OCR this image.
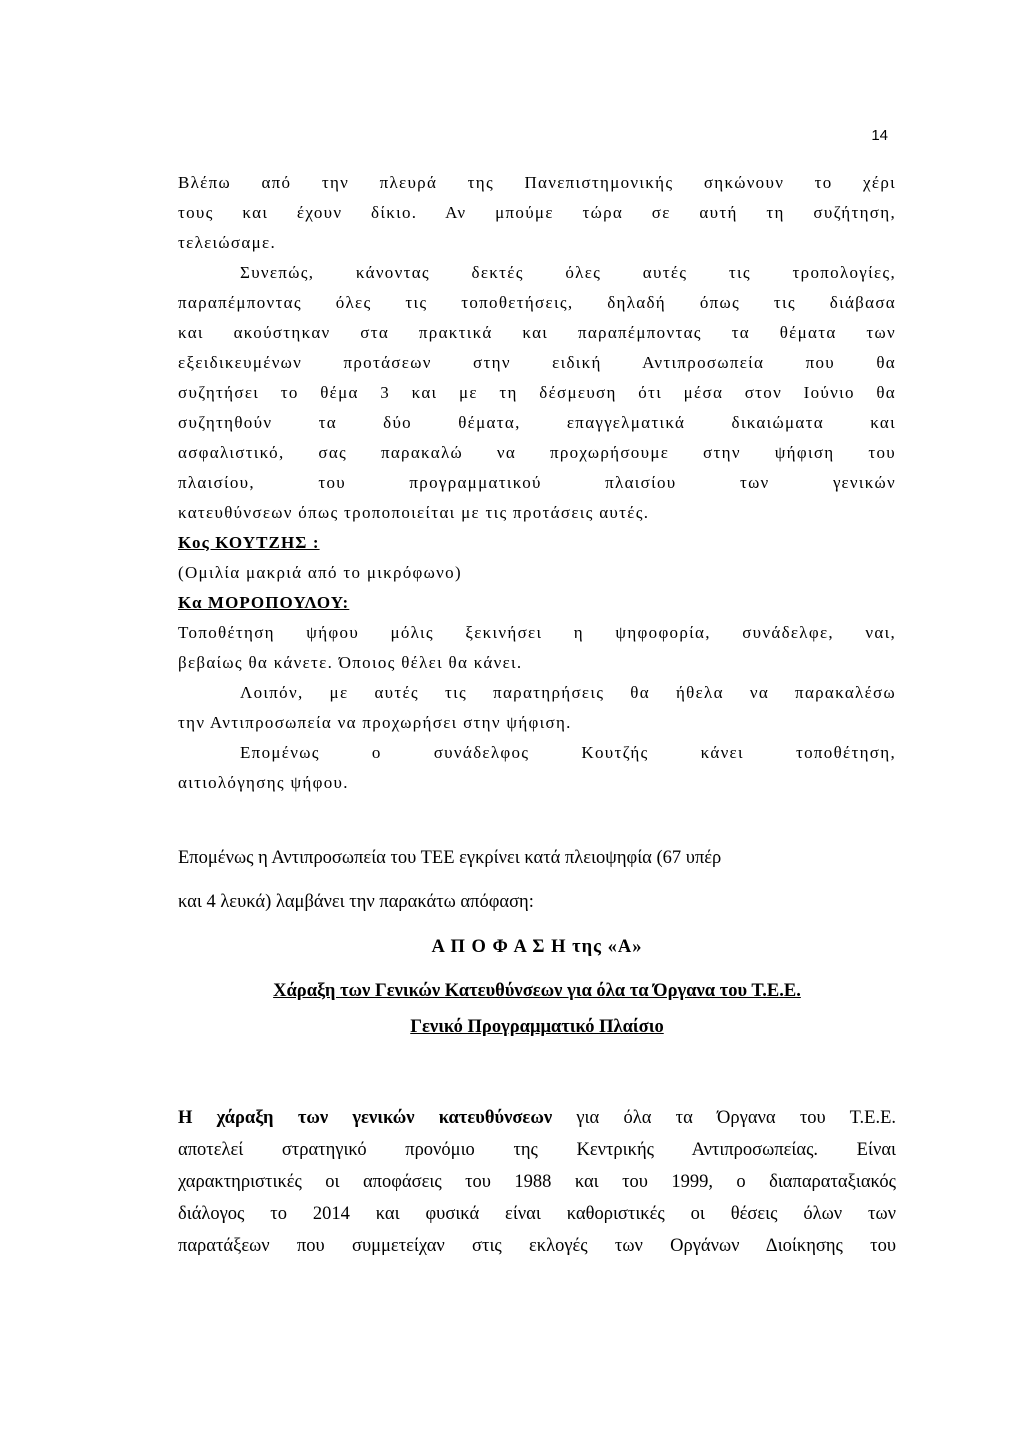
14

Βλέπω από την πλευρά της Πανεπιστημονικής σηκώνουν το χέρι

τους και έχουν δίκιο. Αν μπούμε τώρα σε αυτή τη συζήτηση,

τελειώσαμε.

Συνεπώς, κάνοντας δεκτές όλες αυτές τις τροπολογίες,

παραπέμποντας όλες τις τοποθετήσεις, δηλαδή όπως τις διάβασα

και ακούστηκαν στα πρακτικά και παραπέμποντας τα θέματα των

εξειδικευμένων προτάσεων στην ειδική Αντιπροσωπεία που θα

συζητήσει το θέμα 3 και με τη δέσμευση ότι μέσα στον Ιούνιο θα

συζητηθούν τα δύο θέματα, επαγγελματικά δικαιώματα και

ασφαλιστικό, σας παρακαλώ να προχωρήσουμε στην ψήφιση του

πλαισίου, του προγραμματικού πλαισίου των γενικών

κατευθύνσεων όπως τροποποιείται με τις προτάσεις αυτές.

Κος ΚΟΥΤΖΗΣ :

(Ομιλία μακριά από το μικρόφωνο)

Κα ΜΟΡΟΠΟΥΛΟΥ:

Τοποθέτηση ψήφου μόλις ξεκινήσει η ψηφοφορία, συνάδελφε, ναι,

βεβαίως θα κάνετε. Όποιος θέλει θα κάνει.

Λοιπόν, με αυτές τις παρατηρήσεις θα ήθελα να παρακαλέσω

την Αντιπροσωπεία να προχωρήσει στην ψήφιση.

Επομένως ο συνάδελφος Κουτζής κάνει τοποθέτηση,

αιτιολόγησης ψήφου.

Επομένως η Αντιπροσωπεία του ΤΕΕ εγκρίνει κατά πλειοψηφία (67 υπέρ

και 4 λευκά) λαμβάνει την παρακάτω απόφαση:

Α Π Ο Φ Α Σ Η της «Α»

Χάραξη των Γενικών Κατευθύνσεων για όλα τα Όργανα του Τ.Ε.Ε.

Γενικό Προγραμματικό Πλαίσιο

Η χάραξη των γενικών κατευθύνσεων για όλα τα Όργανα του Τ.Ε.Ε.

αποτελεί στρατηγικό προνόμιο της Κεντρικής Αντιπροσωπείας. Είναι

χαρακτηριστικές οι αποφάσεις του 1988 και του 1999, ο διαπαραταξιακός

διάλογος το 2014 και φυσικά είναι καθοριστικές οι θέσεις όλων των

παρατάξεων που συμμετείχαν στις εκλογές των Οργάνων Διοίκησης του
